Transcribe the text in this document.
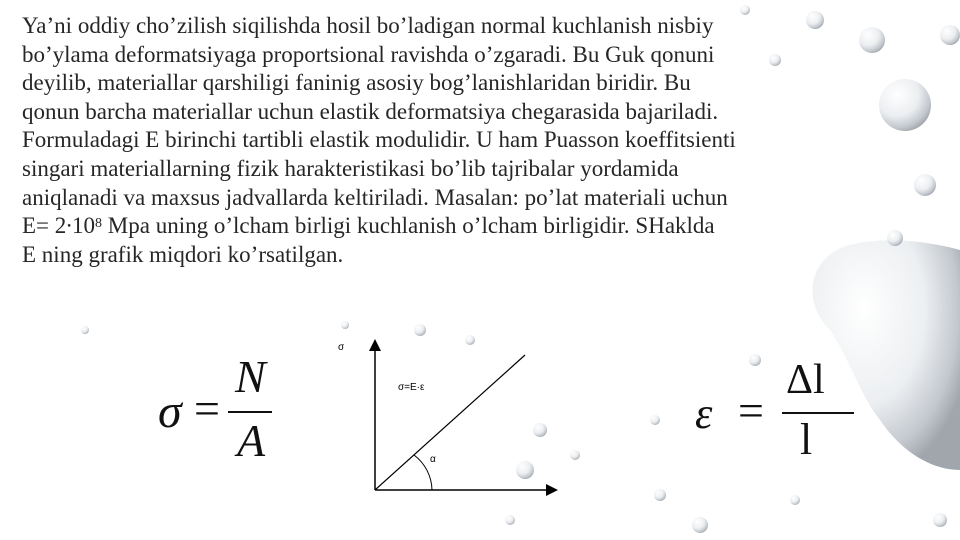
Ya’ni oddiy cho’zilish siqilishda hosil bo’ladigan normal kuchlanish nisbiy
bo’ylama deformatsiyaga proportsional ravishda o’zgaradi. Bu Guk qonuni
deyilib, materiallar qarshiligi faninig asosiy bog’lanishlaridan biridir. Bu
qonun barcha materiallar uchun elastik deformatsiya chegarasida bajariladi.
Formuladagi E birinchi tartibli elastik modulidir. U ham Puasson koeffitsienti
singari materiallarning fizik harakteristikasi bo’lib tajribalar yordamida
aniqlanadi va maxsus jadvallarda keltiriladi. Masalan: po’lat materiali uchun
$E= 2\cdot 10^8$ Mpa uning o’lcham birligi kuchlanish o’lcham birligidir. SHaklda
E ning grafik miqdori ko’rsatilgan.
σ =
N
A
ε =
Δl
l
σ
σ=E·ε
α
